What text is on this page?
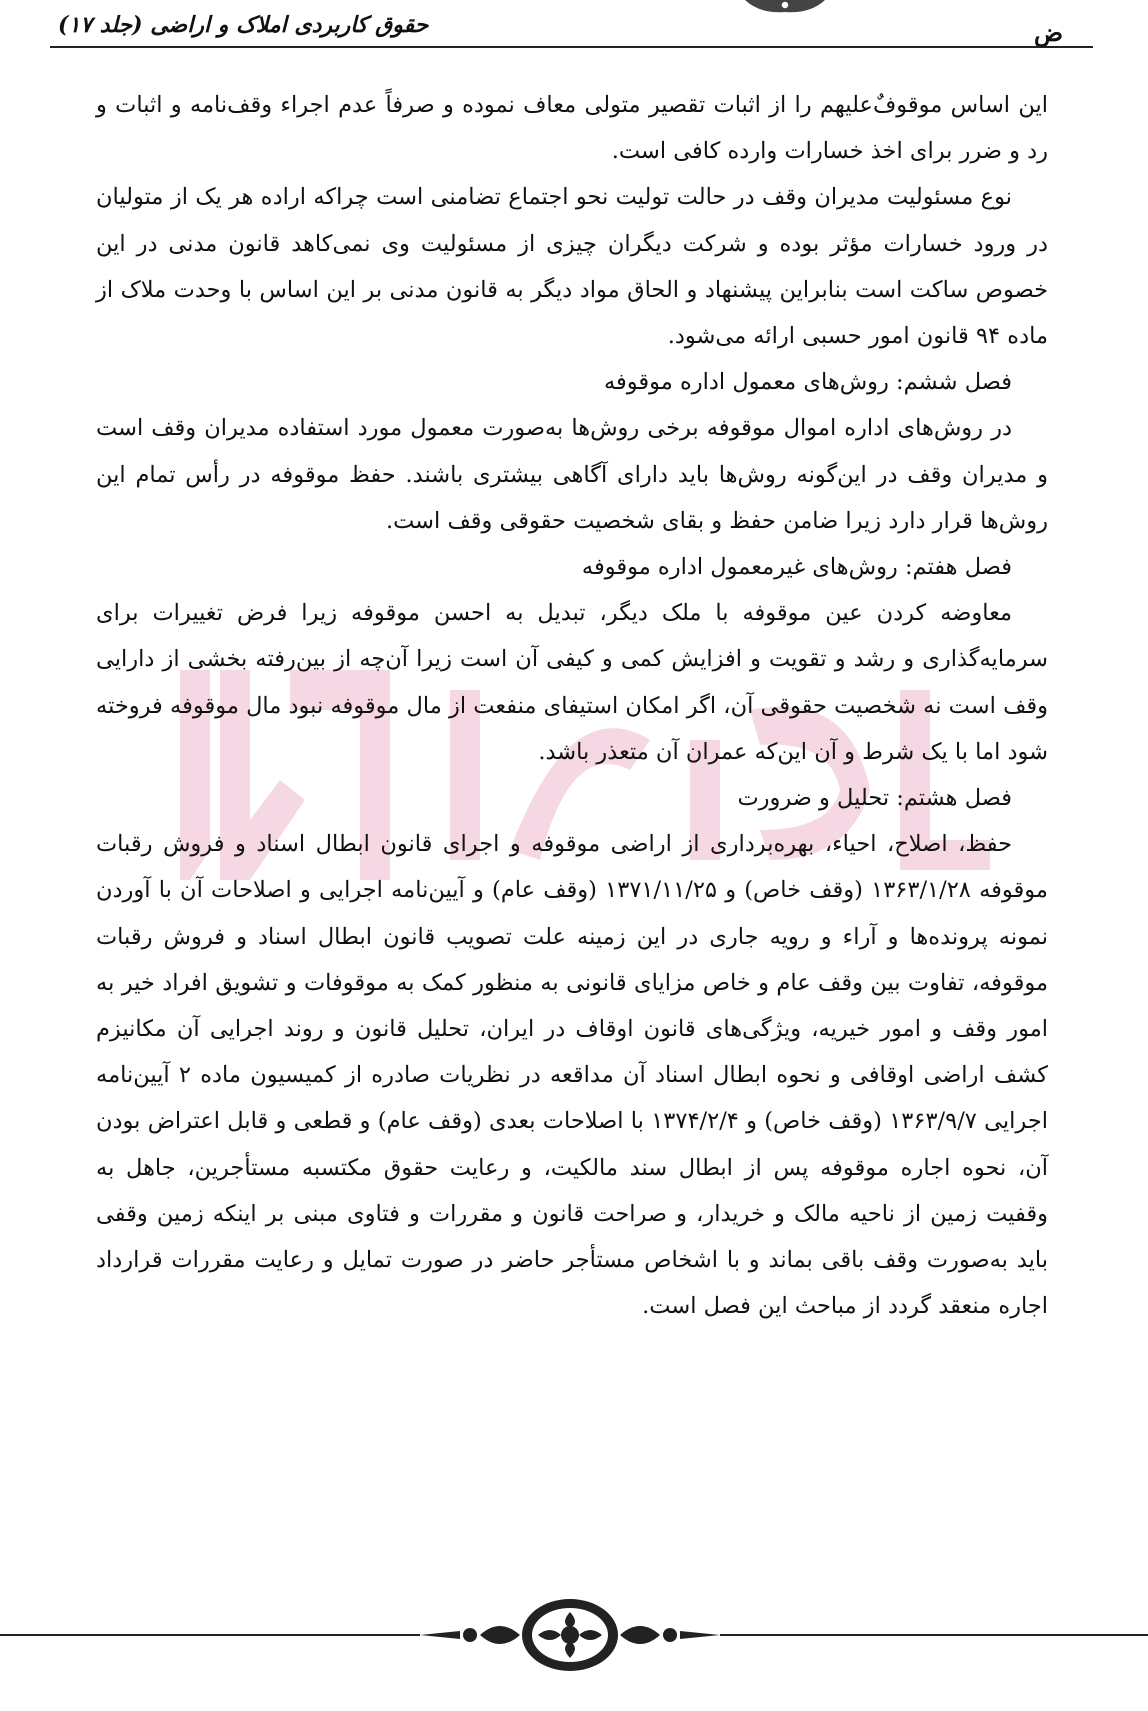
ض
حقوق کاربردی املاک و اراضی (جلد ۱۷)

این اساس موقوفٌ‌علیهم را از اثبات تقصیر متولی معاف نموده و صرفاً عدم اجراء وقف‌نامه و اثبات و رد و ضرر برای اخذ خسارات وارده کافی است.

نوع مسئولیت مدیران وقف در حالت تولیت نحو اجتماع تضامنی است چراکه اراده هر یک از متولیان در ورود خسارات مؤثر بوده و شرکت دیگران چیزی از مسئولیت وی نمی‌کاهد قانون مدنی در این خصوص ساکت است بنابراین پیشنهاد و الحاق مواد دیگر به قانون مدنی بر این اساس با وحدت ملاک از ماده ۹۴ قانون امور حسبی ارائه می‌شود.

فصل ششم: روش‌های معمول اداره موقوفه

در روش‌های اداره اموال موقوفه برخی روش‌ها به‌صورت معمول مورد استفاده مدیران وقف است و مدیران وقف در این‌گونه روش‌ها باید دارای آگاهی بیشتری باشند. حفظ موقوفه در رأس تمام این روش‌ها قرار دارد زیرا ضامن حفظ و بقای شخصیت حقوقی وقف است.

فصل هفتم: روش‌های غیرمعمول اداره موقوفه

معاوضه کردن عین موقوفه با ملک دیگر، تبدیل به احسن موقوفه زیرا فرض تغییرات برای سرمایه‌گذاری و رشد و تقویت و افزایش کمی و کیفی آن است زیرا آن‌چه از بین‌رفته بخشی از دارایی وقف است نه شخصیت حقوقی آن، اگر امکان استیفای منفعت از مال موقوفه نبود مال موقوفه فروخته شود اما با یک شرط و آن این‌که عمران آن متعذر باشد.

فصل هشتم: تحلیل و ضرورت

حفظ، اصلاح، احیاء، بهره‌برداری از اراضی موقوفه و اجرای قانون ابطال اسناد و فروش رقبات موقوفه ۱۳۶۳/۱/۲۸ (وقف خاص) و ۱۳۷۱/۱۱/۲۵ (وقف عام) و آیین‌نامه اجرایی و اصلاحات آن با آوردن نمونه پرونده‌ها و آراء و رویه جاری در این زمینه علت تصویب قانون ابطال اسناد و فروش رقبات موقوفه، تفاوت بین وقف عام و خاص مزایای قانونی به منظور کمک به موقوفات و تشویق افراد خیر به امور وقف و امور خیریه، ویژگی‌های قانون اوقاف در ایران، تحلیل قانون و روند اجرایی آن مکانیزم کشف اراضی اوقافی و نحوه ابطال اسناد آن مداقعه در نظریات صادره از کمیسیون ماده ۲ آیین‌نامه اجرایی ۱۳۶۳/۹/۷ (وقف خاص) و ۱۳۷۴/۲/۴ با اصلاحات بعدی (وقف عام) و قطعی و قابل اعتراض بودن آن، نحوه اجاره موقوفه پس از ابطال سند مالکیت، و رعایت حقوق مکتسبه مستأجرین، جاهل به وقفیت زمین از ناحیه مالک و خریدار، و صراحت قانون و مقررات و فتاوی مبنی بر اینکه زمین وقفی باید به‌صورت وقف باقی بماند و با اشخاص مستأجر حاضر در صورت تمایل و رعایت مقررات قرارداد اجاره منعقد گردد از مباحث این فصل است.
